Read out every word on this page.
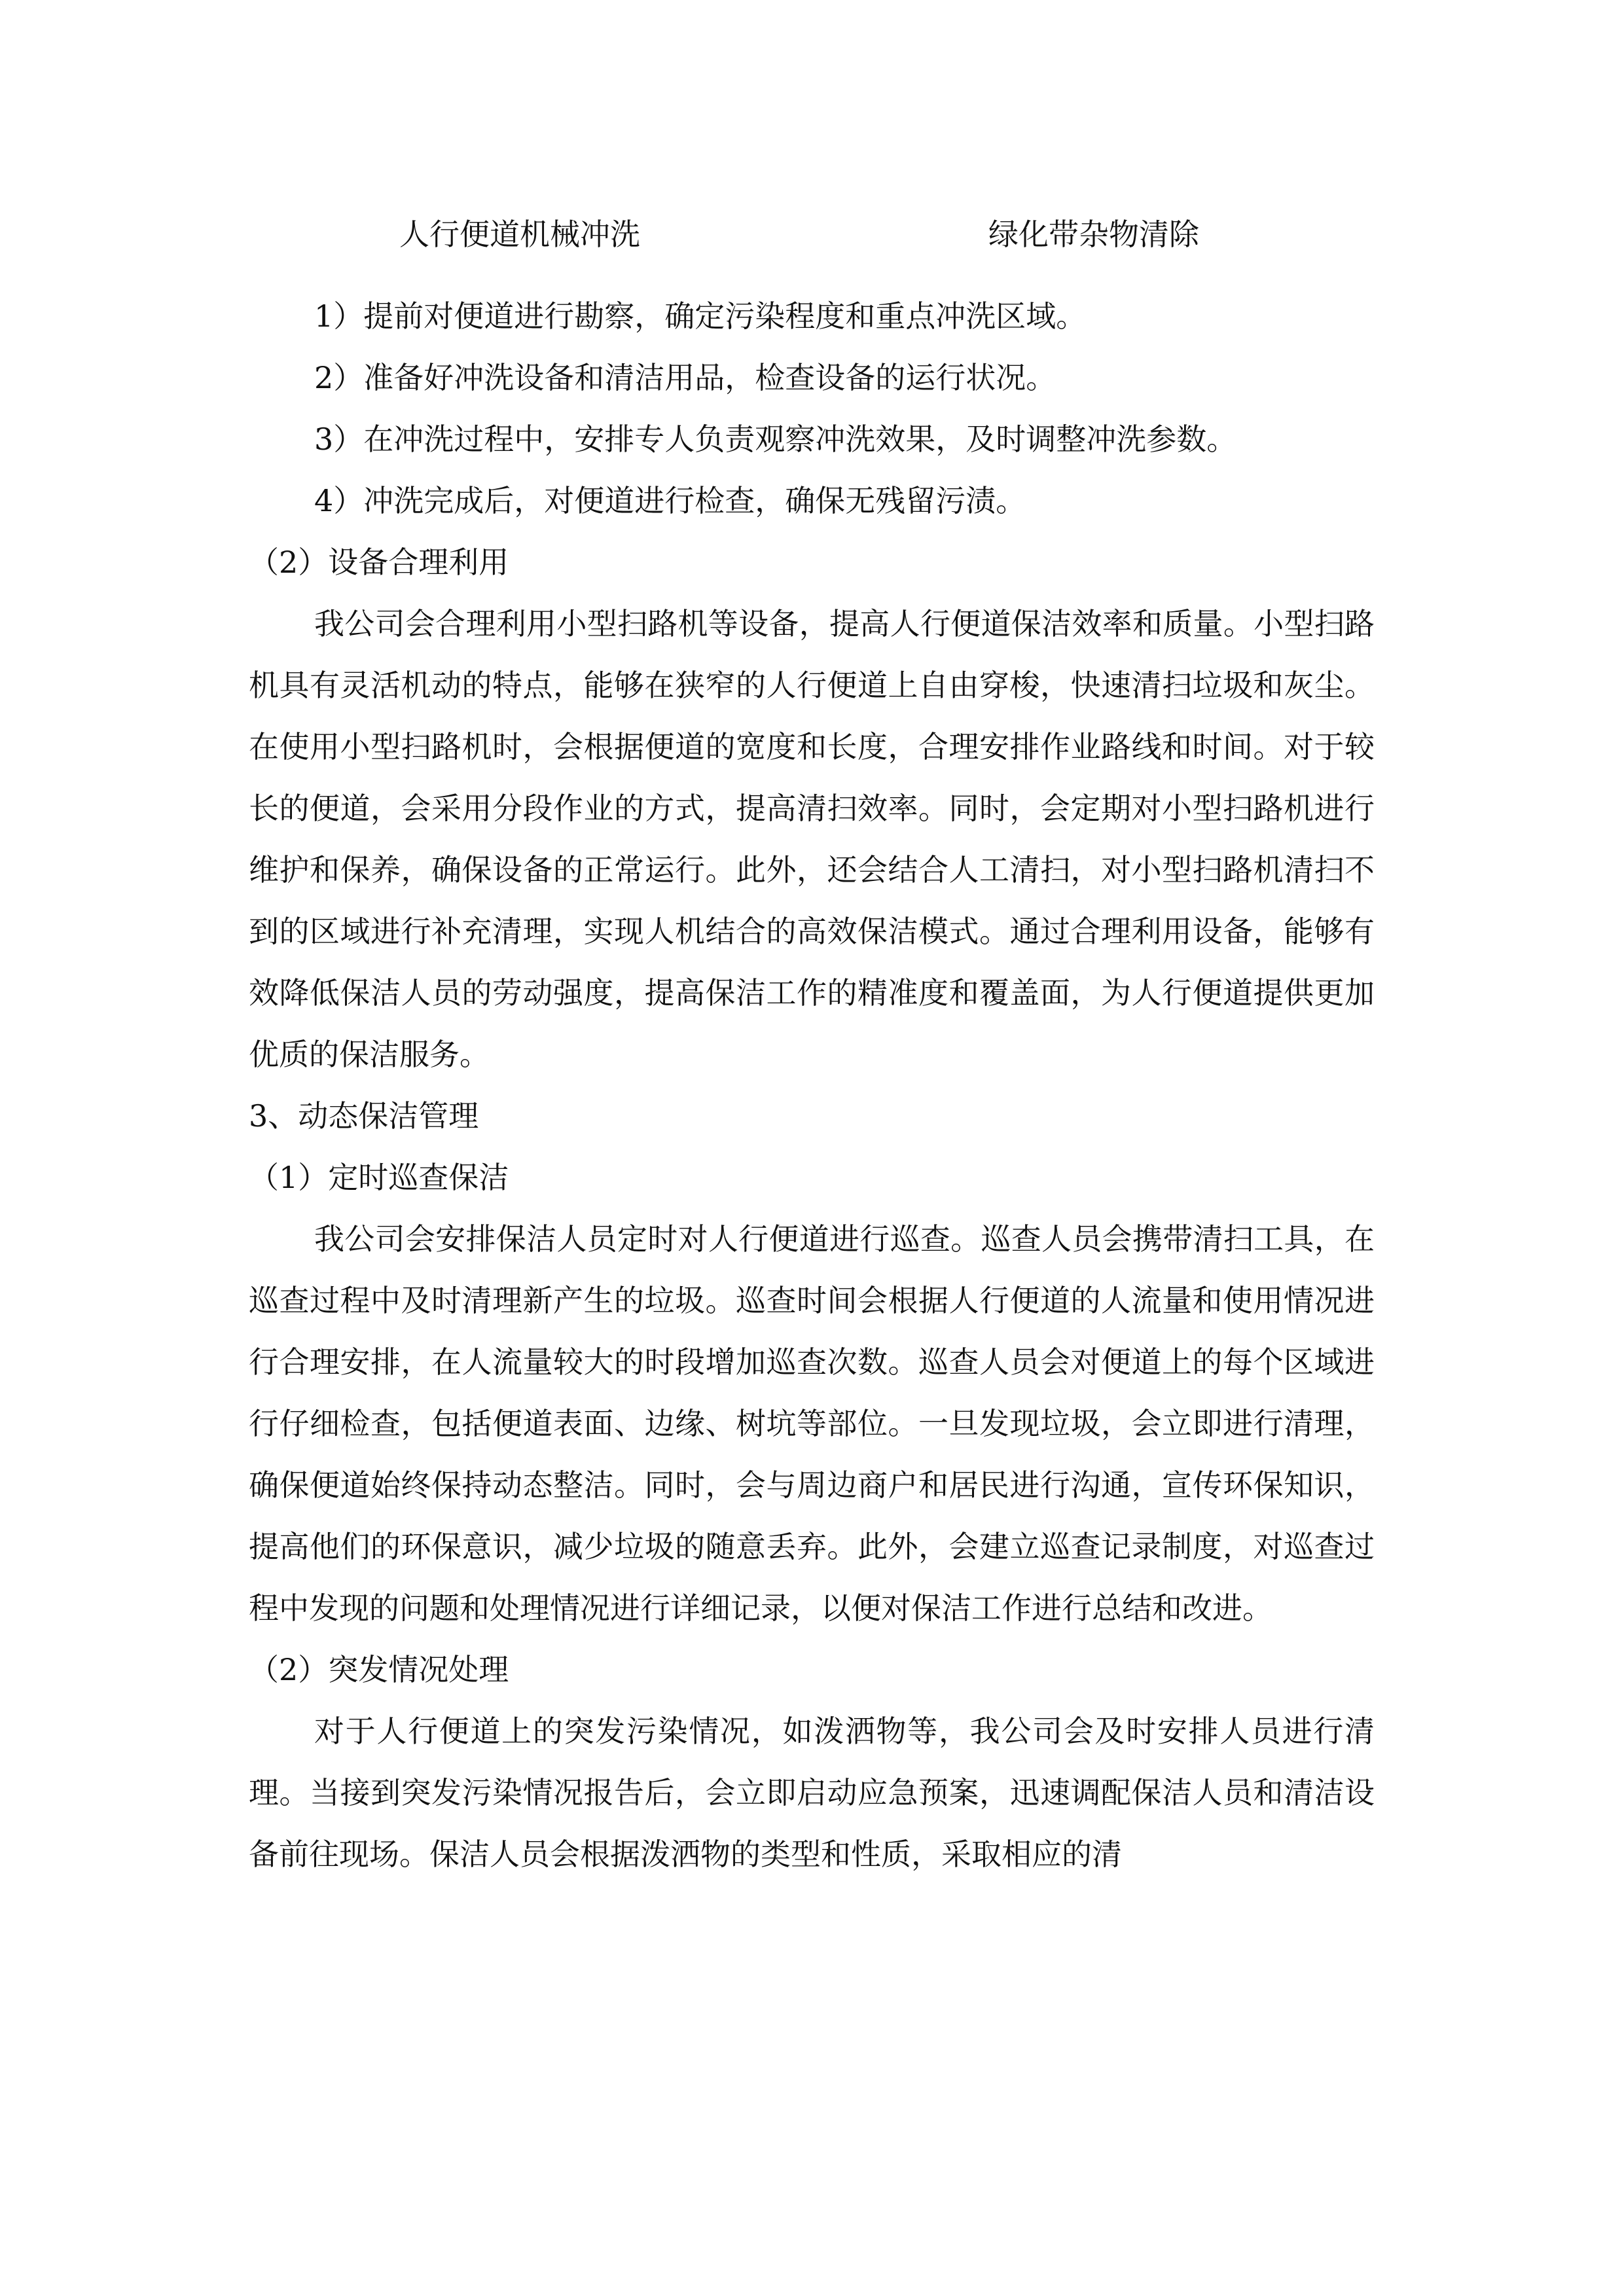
人行便道机械冲洗	绿化带杂物清除

1）提前对便道进行勘察，确定污染程度和重点冲洗区域。

2）准备好冲洗设备和清洁用品，检查设备的运行状况。

3）在冲洗过程中，安排专人负责观察冲洗效果，及时调整冲洗参数。

4）冲洗完成后，对便道进行检查，确保无残留污渍。

（2）设备合理利用

我公司会合理利用小型扫路机等设备，提高人行便道保洁效率和质量。小型扫路机具有灵活机动的特点，能够在狭窄的人行便道上自由穿梭，快速清扫垃圾和灰尘。在使用小型扫路机时，会根据便道的宽度和长度，合理安排作业路线和时间。对于较长的便道，会采用分段作业的方式，提高清扫效率。同时，会定期对小型扫路机进行维护和保养，确保设备的正常运行。此外，还会结合人工清扫，对小型扫路机清扫不到的区域进行补充清理，实现人机结合的高效保洁模式。通过合理利用设备，能够有效降低保洁人员的劳动强度，提高保洁工作的精准度和覆盖面，为人行便道提供更加优质的保洁服务。

3、动态保洁管理

（1）定时巡查保洁

我公司会安排保洁人员定时对人行便道进行巡查。巡查人员会携带清扫工具，在巡查过程中及时清理新产生的垃圾。巡查时间会根据人行便道的人流量和使用情况进行合理安排，在人流量较大的时段增加巡查次数。巡查人员会对便道上的每个区域进行仔细检查，包括便道表面、边缘、树坑等部位。一旦发现垃圾，会立即进行清理，确保便道始终保持动态整洁。同时，会与周边商户和居民进行沟通，宣传环保知识，提高他们的环保意识，减少垃圾的随意丢弃。此外，会建立巡查记录制度，对巡查过程中发现的问题和处理情况进行详细记录，以便对保洁工作进行总结和改进。

（2）突发情况处理

对于人行便道上的突发污染情况，如泼洒物等，我公司会及时安排人员进行清理。当接到突发污染情况报告后，会立即启动应急预案，迅速调配保洁人员和清洁设备前往现场。保洁人员会根据泼洒物的类型和性质，采取相应的清
